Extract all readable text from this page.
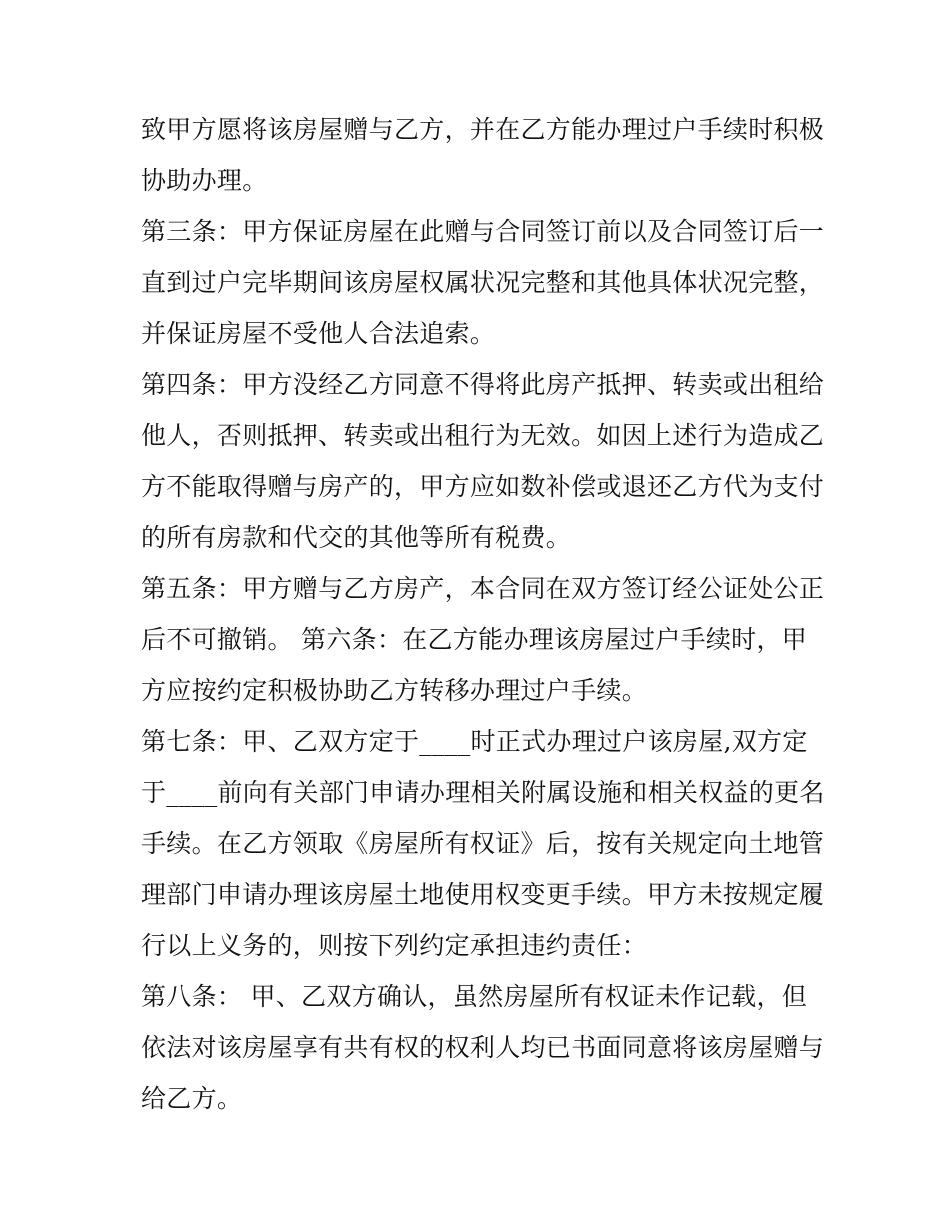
致甲方愿将该房屋赠与乙方，并在乙方能办理过户手续时积极
协助办理。
第三条：甲方保证房屋在此赠与合同签订前以及合同签订后一
直到过户完毕期间该房屋权属状况完整和其他具体状况完整，
并保证房屋不受他人合法追索。
第四条：甲方没经乙方同意不得将此房产抵押、转卖或出租给
他人，否则抵押、转卖或出租行为无效。如因上述行为造成乙
方不能取得赠与房产的，甲方应如数补偿或退还乙方代为支付
的所有房款和代交的其他等所有税费。
第五条：甲方赠与乙方房产，本合同在双方签订经公证处公正
后不可撤销。 第六条：在乙方能办理该房屋过户手续时，甲
方应按约定积极协助乙方转移办理过户手续。
第七条：甲、乙双方定于____时正式办理过户该房屋,双方定
于____前向有关部门申请办理相关附属设施和相关权益的更名
手续。在乙方领取《房屋所有权证》后，按有关规定向土地管
理部门申请办理该房屋土地使用权变更手续。甲方未按规定履
行以上义务的，则按下列约定承担违约责任：
第八条： 甲、乙双方确认，虽然房屋所有权证未作记载，但
依法对该房屋享有共有权的权利人均已书面同意将该房屋赠与
给乙方。
